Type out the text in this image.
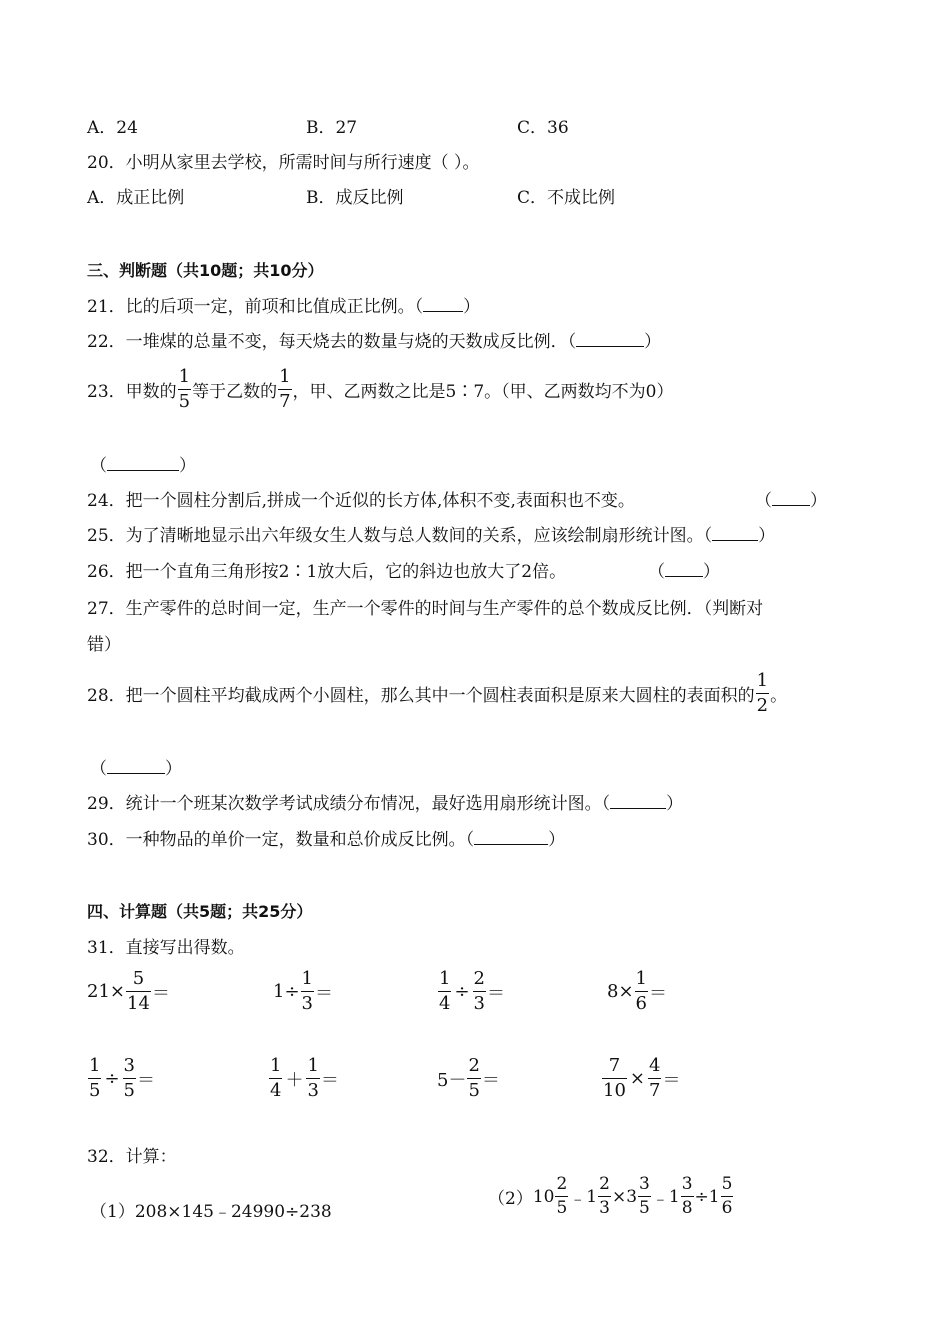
A．24	B．27	C．36
20．小明从家里去学校，所需时间与所行速度（ ）。
A．成正比例	B．成反比例	C．不成比例
三、判断题（共10题；共10分）
21．比的后项一定，前项和比值成正比例。（ ）
22．一堆煤的总量不变，每天烧去的数量与烧的天数成反比例．（	）
23．甲数的 $\frac{1}{5}$ 等于乙数的 $\frac{1}{7}$ ，甲、乙两数之比是5∶7。（甲、乙两数均不为0）
（	）
24．把一个圆柱分割后,拼成一个近似的长方体,体积不变,表面积也不变。	（ ）
25．为了清晰地显示出六年级女生人数与总人数间的关系，应该绘制扇形统计图。（	）
26．把一个直角三角形按2∶1放大后，它的斜边也放大了2倍。	（ ）
27．生产零件的总时间一定，生产一个零件的时间与生产零件的总个数成反比例．（判断对
错）
28．把一个圆柱平均截成两个小圆柱，那么其中一个圆柱表面积是原来大圆柱的表面积的 $\frac{1}{2}$ 。
（	）
29．统计一个班某次数学考试成绩分布情况，最好选用扇形统计图。（	）
30．一种物品的单价一定，数量和总价成反比例。（	）
四、计算题（共5题；共25分）
31．直接写出得数。
$21\times \frac{5}{14}$ ＝	$1\div \frac{1}{3}$ ＝	$\frac{1}{4} \div \frac{2}{3}$ ＝	$8\times \frac{1}{6}$ ＝
$\frac{1}{5} \div \frac{3}{5}$ ＝	$\frac{1}{4} + \frac{1}{3}$ ＝	$5- \frac{2}{5}$ ＝	$\frac{7}{10} \times \frac{4}{7}$ ＝
32．计算：
（1）208×145﹣24990÷238
（2） $10 \frac{2}{5}$ ﹣ $1 \frac{2}{3} \times 3 \frac{3}{5}$ ﹣ $1 \frac{3}{8} \div 1 \frac{5}{6}$
